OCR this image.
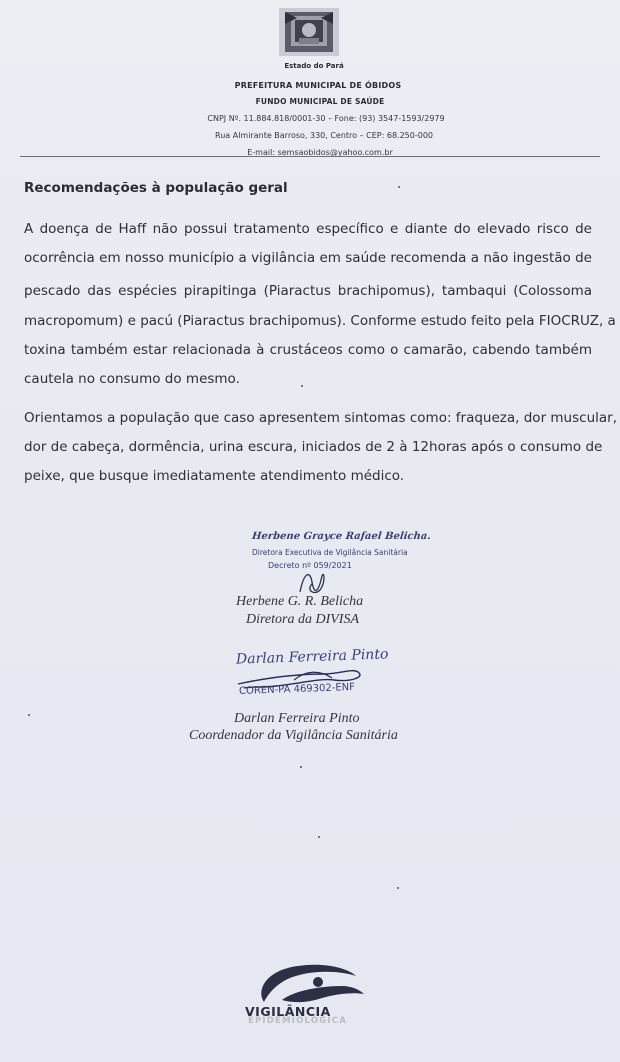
Estado do Pará
PREFEITURA MUNICIPAL DE ÓBIDOS
FUNDO MUNICIPAL DE SAÚDE
CNPJ Nº. 11.884.818/0001-30 – Fone: (93) 3547-1593/2979
Rua Almirante Barroso, 330, Centro – CEP: 68.250-000
E-mail: semsaobidos@yahoo.com.br
Recomendações à população geral
A doença de Haff não possui tratamento específico e diante do elevado risco de
ocorrência em nosso município a vigilância em saúde recomenda a não ingestão de
pescado das espécies pirapitinga (Piaractus brachipomus), tambaqui (Colossoma
macropomum) e pacú (Piaractus brachipomus). Conforme estudo feito pela FIOCRUZ, a
toxina também estar relacionada à crustáceos como o camarão, cabendo também
cautela no consumo do mesmo.
Orientamos a população que caso apresentem sintomas como: fraqueza, dor muscular,
dor de cabeça, dormência, urina escura, iniciados de 2 à 12horas após o consumo de
peixe, que busque imediatamente atendimento médico.
Herbene Grayce Rafael Belicha.
Diretora Executiva de Vigilância Sanitária
Decreto nº 059/2021
Herbene G. R. Belicha
Diretora da DIVISA
Darlan Ferreira Pinto
COREN-PA 469302-ENF
Darlan Ferreira Pinto
Coordenador da Vigilância Sanitária
VIGILÂNCIA
EPIDEMIOLÓGICA
